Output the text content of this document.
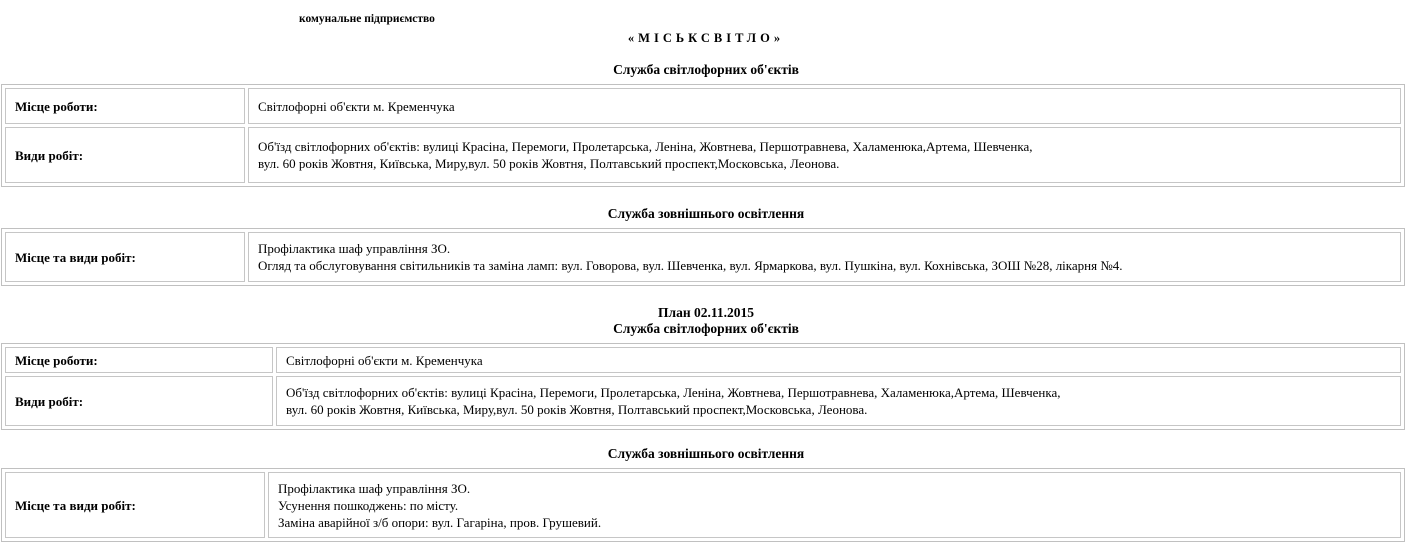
комунальне підприємство
«МІСЬКСВІТЛО»
Служба світлофорних об'єктів
Місце роботи:	Світлофорні об'єкти м. Кременчука

Види робіт:	Об'їзд світлофорних об'єктів: вулиці Красіна, Перемоги, Пролетарська, Леніна, Жовтнева, Першотравнева, Халаменюка,Артема, Шевченка,
вул. 60 років Жовтня, Київська, Миру,вул. 50 років Жовтня, Полтавський проспект,Московська, Леонова.
Служба зовнішнього освітлення
Місце та види робіт:	
Профілактика шаф управління ЗО.
Огляд та обслуговування світильників та заміна ламп: вул. Говорова, вул. Шевченка, вул. Ярмаркова, вул. Пушкіна, вул. Кохнівська, ЗОШ №28, лікарня №4.
План 02.11.2015
Служба світлофорних об'єктів
Місце роботи:	Світлофорні об'єкти м. Кременчука

Види робіт:	Об'їзд світлофорних об'єктів: вулиці Красіна, Перемоги, Пролетарська, Леніна, Жовтнева, Першотравнева, Халаменюка,Артема, Шевченка,
вул. 60 років Жовтня, Київська, Миру,вул. 50 років Жовтня, Полтавський проспект,Московська, Леонова.
Служба зовнішнього освітлення
Місце та види робіт:	
Профілактика шаф управління ЗО.
Усунення пошкоджень: по місту.
Заміна аварійної з/б опори: вул. Гагаріна, пров. Грушевий.
